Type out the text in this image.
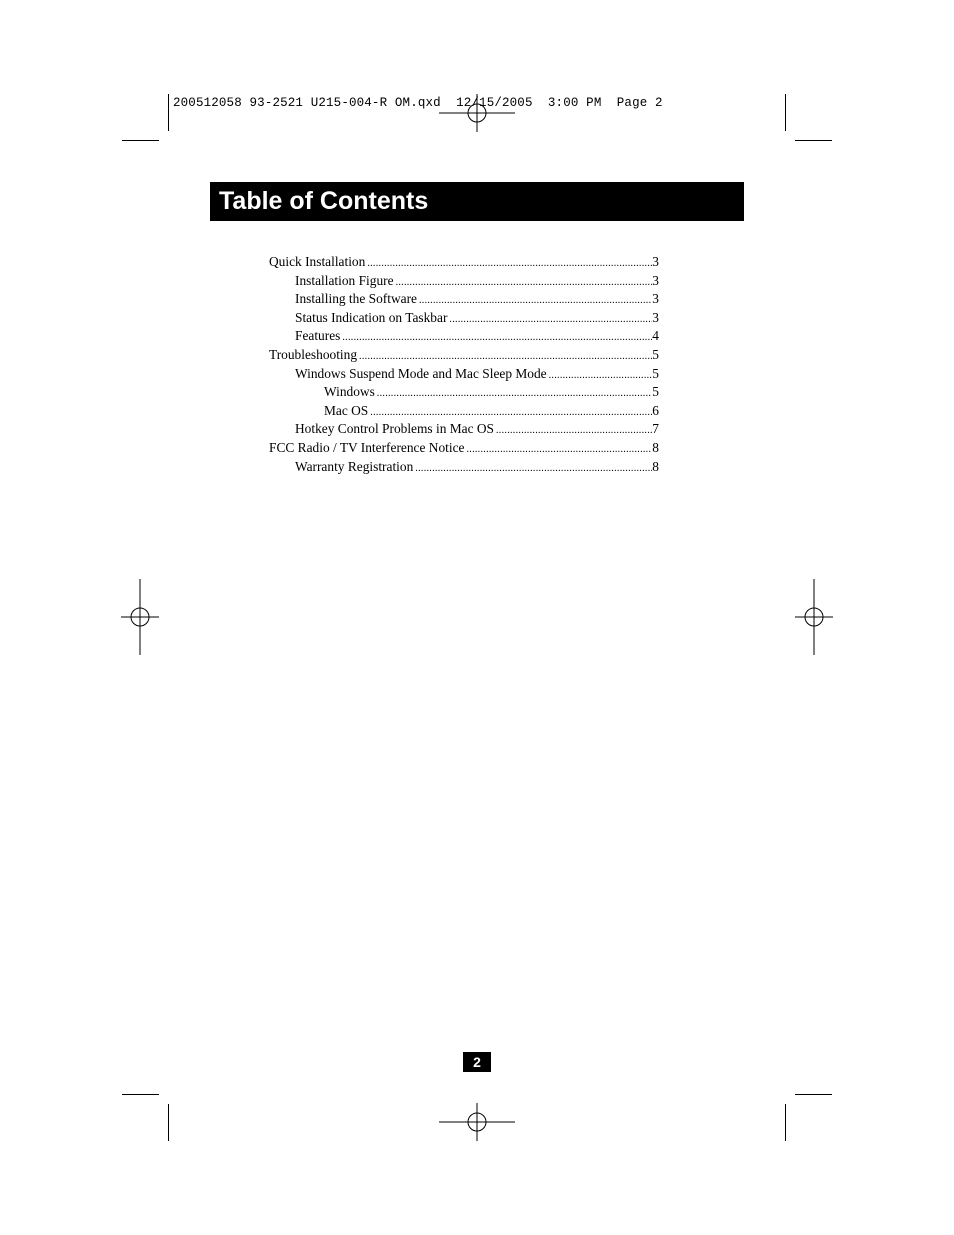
200512058 93-2521 U215-004-R OM.qxd  12/15/2005  3:00 PM  Page 2
Table of Contents
Quick Installation .....	3
Installation Figure .....	3
Installing the Software .....	3
Status Indication on Taskbar .....	3
Features .....	4
Troubleshooting .....	5
Windows Suspend Mode and Mac Sleep Mode .....	5
Windows .....	5
Mac OS .....	6
Hotkey Control Problems in Mac OS .....	7
FCC Radio / TV Interference Notice .....	8
Warranty Registration .....	8
2
